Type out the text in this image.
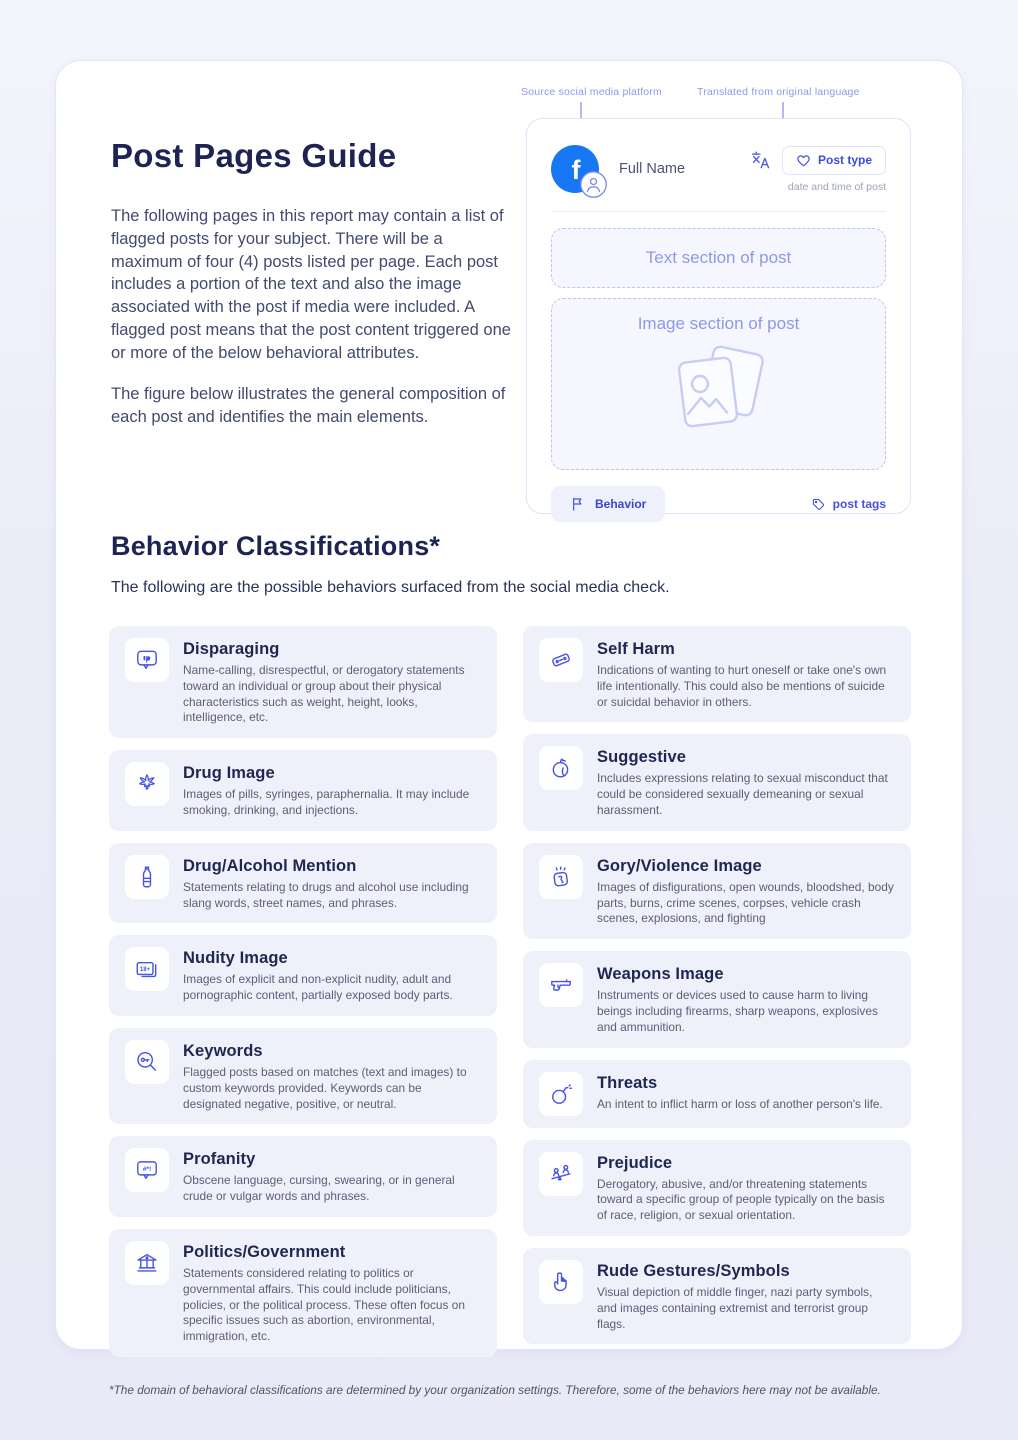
Post Pages Guide

The following pages in this report may contain a list of flagged posts for your subject. There will be a maximum of four (4) posts listed per page. Each post includes a portion of the text and also the image associated with the post if media were included. A flagged post means that the post content triggered one or more of the below behavioral attributes.

The figure below illustrates the general composition of each post and identifies the main elements.

Source social media platform	Translated from original language
f	Full Name
Post type
date and time of post
Text section of post
Image section of post
Behavior	post tags
Behavior Classifications*

The following are the possible behaviors surfaced from the social media check.

Disparaging

Name-calling, disrespectful, or derogatory statements toward an individual or group about their physical characteristics such as weight, height, looks, intelligence, etc.

Drug Image

Images of pills, syringes, paraphernalia. It may include smoking, drinking, and injections.

Drug/Alcohol Mention

Statements relating to drugs and alcohol use including slang words, street names, and phrases.

18+
Nudity Image

Images of explicit and non-explicit nudity, adult and pornographic content, partially exposed body parts.

Keywords

Flagged posts based on matches (text and images) to custom keywords provided. Keywords can be designated negative, positive, or neutral.

#*!
Profanity

Obscene language, cursing, swearing, or in general crude or vulgar words and phrases.

Politics/Government

Statements considered relating to politics or governmental affairs. This could include politicians, policies, or the political process. These often focus on specific issues such as abortion, environmental, immigration, etc.

Self Harm

Indications of wanting to hurt oneself or take one's own life intentionally. This could also be mentions of suicide or suicidal behavior in others.

Suggestive

Includes expressions relating to sexual misconduct that could be considered sexually demeaning or sexual harassment.

Gory/Violence Image

Images of disfigurations, open wounds, bloodshed, body parts, burns, crime scenes, corpses, vehicle crash scenes, explosions, and fighting

Weapons Image

Instruments or devices used to cause harm to living beings including firearms, sharp weapons, explosives and ammunition.

Threats

An intent to inflict harm or loss of another person's life.

Prejudice

Derogatory, abusive, and/or threatening statements toward a specific group of people typically on the basis of race, religion, or sexual orientation.

Rude Gestures/Symbols

Visual depiction of middle finger, nazi party symbols, and images containing extremist and terrorist group flags.

*The domain of behavioral classifications are determined by your organization settings. Therefore, some of the behaviors here may not be available.
